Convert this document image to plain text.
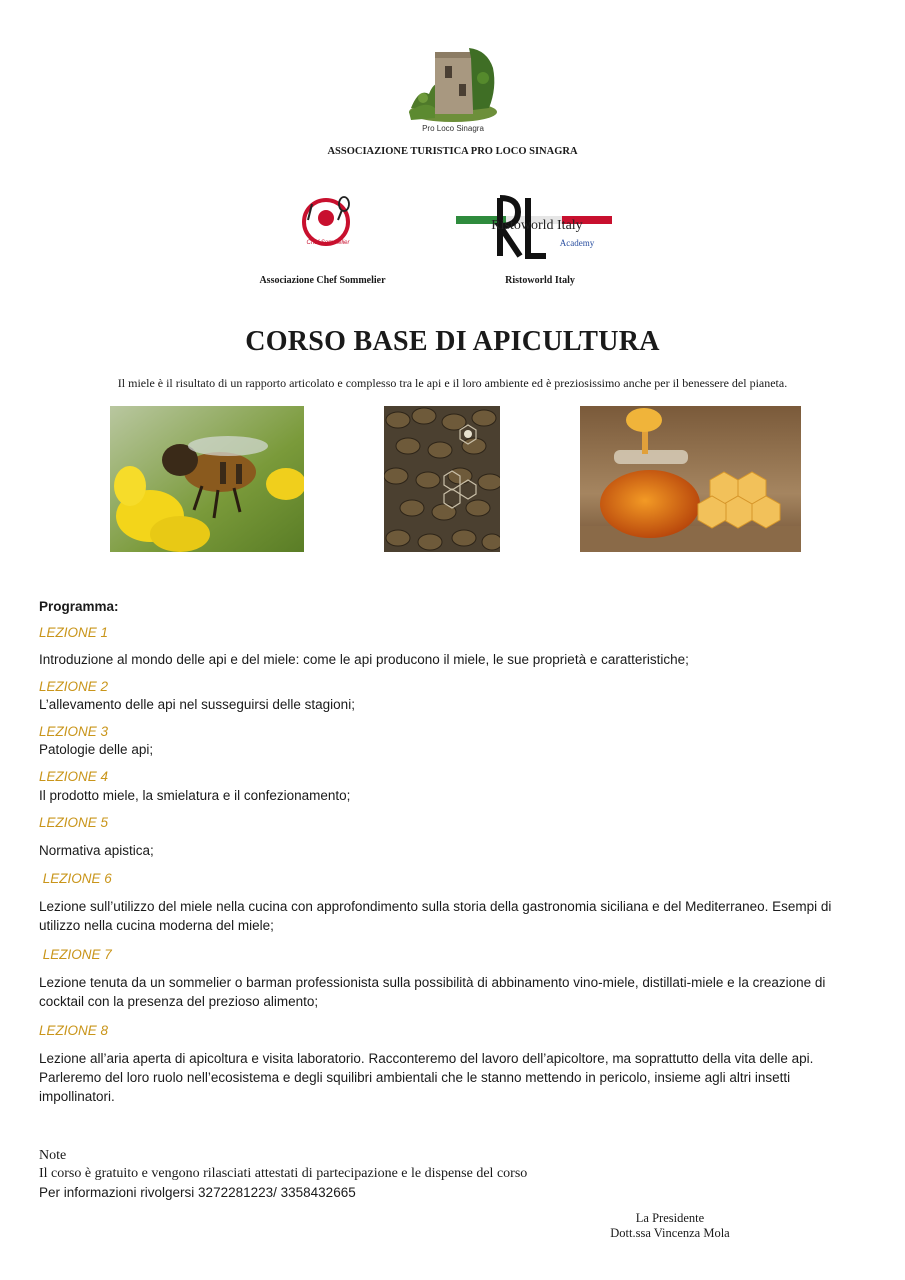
Pro Loco Sinagra
ASSOCIAZIONE TURISTICA PRO LOCO SINAGRA
Chef Sommelier
Ristoworld Italy
Academy
Associazione Chef Sommelier	Ristoworld Italy
CORSO BASE DI APICULTURA
Il miele è il risultato di un rapporto articolato e complesso tra le api e il loro ambiente ed è preziosissimo anche per il benessere del pianeta.
Programma:
LEZIONE 1
Introduzione al mondo delle api e del miele: come le api producono il miele, le sue proprietà e caratteristiche;
LEZIONE 2
L’allevamento delle api nel susseguirsi delle stagioni;
LEZIONE 3
Patologie delle api;
LEZIONE 4
Il prodotto miele, la smielatura e il confezionamento;
LEZIONE 5
Normativa apistica;
LEZIONE 6
Lezione sull’utilizzo del miele nella cucina con approfondimento sulla storia della gastronomia siciliana e del Mediterraneo. Esempi di utilizzo nella cucina moderna del miele;
LEZIONE 7
Lezione tenuta da un sommelier o barman professionista sulla possibilità di abbinamento vino-miele, distillati-miele e la creazione di cocktail con la presenza del prezioso alimento;
LEZIONE 8
Lezione all’aria aperta di apicoltura e visita laboratorio. Racconteremo del lavoro dell’apicoltore, ma soprattutto della vita delle api. Parleremo del loro ruolo nell’ecosistema e degli squilibri ambientali che le stanno mettendo in pericolo, insieme agli altri insetti impollinatori.
Note
Il corso è gratuito e vengono rilasciati attestati di partecipazione e le dispense del corso
Per informazioni rivolgersi 3272281223/ 3358432665
La Presidente
Dott.ssa Vincenza Mola
